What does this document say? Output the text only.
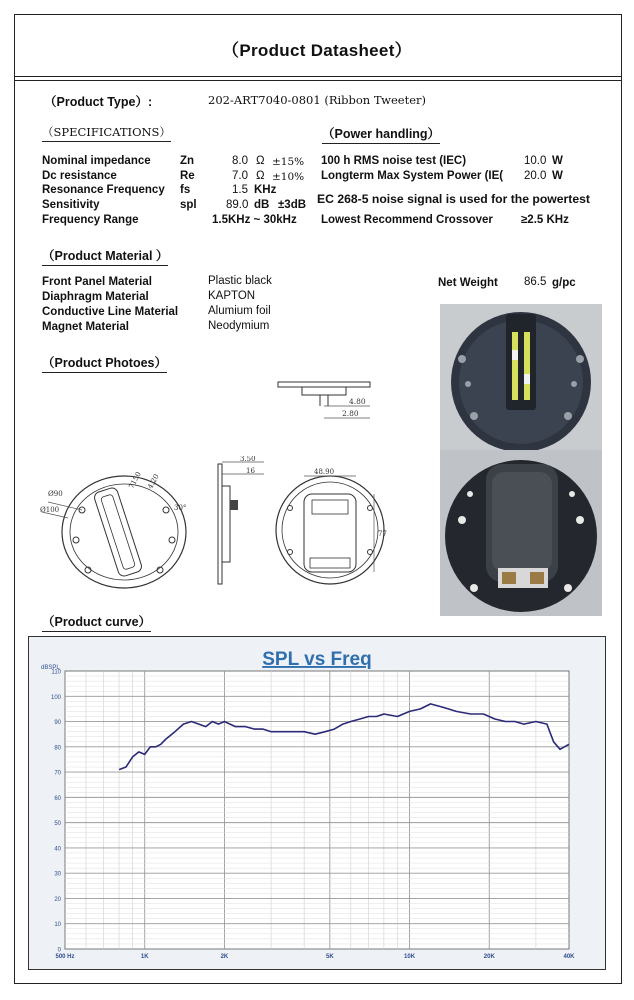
（Product Datasheet）
（Product Type）:	202-ART7040-0801 (Ribbon Tweeter)
（SPECIFICATIONS）
Nominal impedance	Zn	8.0 Ω ±15%
Dc resistance	Re	7.0 Ω ±10%
Resonance Frequency fs	1.5 KHz
Sensitivity	spl	89.0 dB ±3dB
Frequency Range	1.5KHz ~ 30kHz
（Power handling）
100 h RMS noise test (IEC)	10.0 W
Longterm Max System Power (IE(	20.0 W
EC 268-5 noise signal is used for the powertest
Lowest Recommend Crossover ≥2.5 KHz
（Product Material ）
Front Panel Material	Plastic black
Diaphragm Material	KAPTON
Conductive Line Material	Alumium foil
Magnet Material	Neodymium
Net Weight 86.5 g/pc
（Product Photoes）
4.80
2.80
Ø90
Ø100
7150 4.20
30°
3.50
16	48.90
77
（Product curve）
SPL vs Freq
dBSPL
0
10
20
30
40
50
60
70
80
90
100
110
500 Hz	1K	2K	5K	10K	20K	40K
